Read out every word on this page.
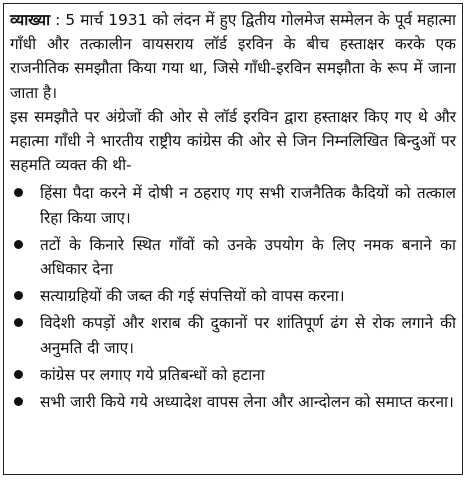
व्याख्या : 5 मार्च 1931 को लंदन में हुए द्वितीय गोलमेज सम्मेलन के पूर्व महात्मा गाँधी और तत्कालीन वायसराय लॉर्ड इरविन के बीच हस्ताक्षर करके एक राजनीतिक समझौता किया गया था, जिसे गाँधी-इरविन समझौता के रूप में जाना जाता है।

इस समझौते पर अंग्रेजों की ओर से लॉर्ड इरविन द्वारा हस्ताक्षर किए गए थे और महात्मा गाँधी ने भारतीय राष्ट्रीय कांग्रेस की ओर से जिन निम्नलिखित बिन्दुओं पर सहमति व्यक्त की थी-

हिंसा पैदा करने में दोषी न ठहराए गए सभी राजनैतिक कैदियों को तत्काल रिहा किया जाए।
तटों के किनारे स्थित गाँवों को उनके उपयोग के लिए नमक बनाने का अधिकार देना
सत्याग्रहियों की जब्त की गई संपत्तियों को वापस करना।
विदेशी कपड़ों और शराब की दुकानों पर शांतिपूर्ण ढंग से रोक लगाने की अनुमति दी जाए।
कांग्रेस पर लगाए गये प्रतिबन्धों को हटाना
सभी जारी किये गये अध्यादेश वापस लेना और आन्दोलन को समाप्त करना।
